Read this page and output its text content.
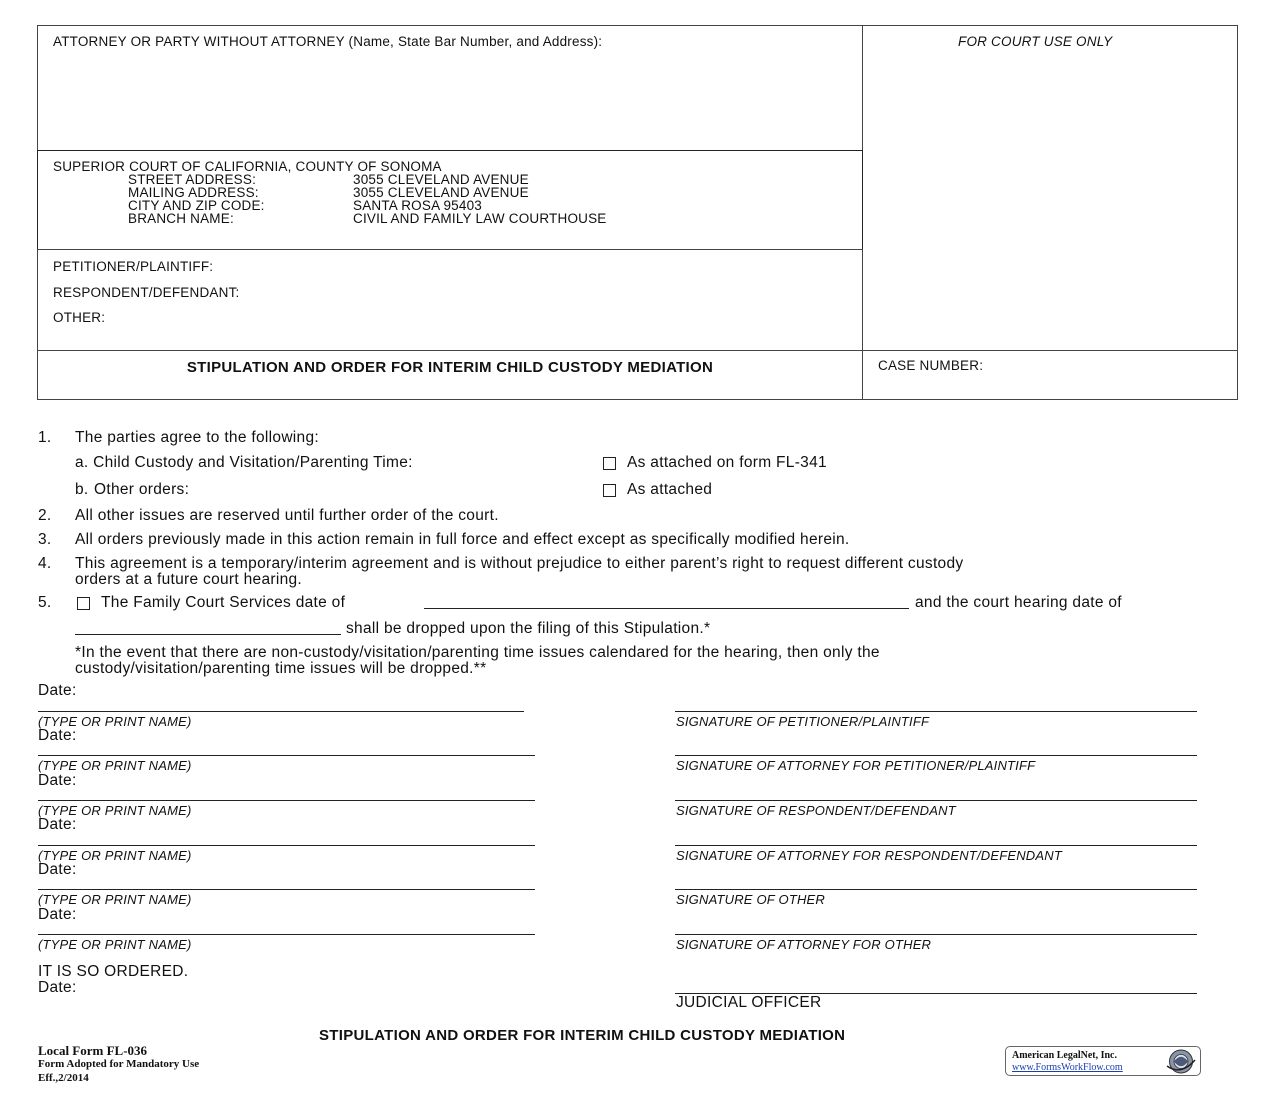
ATTORNEY OR PARTY WITHOUT ATTORNEY (Name, State Bar Number, and Address):	FOR COURT USE ONLY
SUPERIOR COURT OF CALIFORNIA, COUNTY OF SONOMA
STREET ADDRESS:	3055 CLEVELAND AVENUE
MAILING ADDRESS:	3055 CLEVELAND AVENUE
CITY AND ZIP CODE:	SANTA ROSA 95403
BRANCH NAME:	CIVIL AND FAMILY LAW COURTHOUSE
PETITIONER/PLAINTIFF:
RESPONDENT/DEFENDANT:
OTHER:
STIPULATION AND ORDER FOR INTERIM CHILD CUSTODY MEDIATION	CASE NUMBER:
1. The parties agree to the following:
a. Child Custody and Visitation/Parenting Time:	As attached on form FL-341
b. Other orders:	As attached
2. All other issues are reserved until further order of the court.
3. All orders previously made in this action remain in full force and effect except as specifically modified herein.
4. This agreement is a temporary/interim agreement and is without prejudice to either parent’s right to request different custody
orders at a future court hearing.
5.	The Family Court Services date of	and the court hearing date of
shall be dropped upon the filing of this Stipulation.*
*In the event that there are non-custody/visitation/parenting time issues calendared for the hearing, then only the
custody/visitation/parenting time issues will be dropped.**
Date:
(TYPE OR PRINT NAME)	SIGNATURE OF PETITIONER/PLAINTIFF
Date:
(TYPE OR PRINT NAME)	SIGNATURE OF ATTORNEY FOR PETITIONER/PLAINTIFF
Date:
(TYPE OR PRINT NAME)	SIGNATURE OF RESPONDENT/DEFENDANT
Date:
(TYPE OR PRINT NAME)	SIGNATURE OF ATTORNEY FOR RESPONDENT/DEFENDANT
Date:
(TYPE OR PRINT NAME)	SIGNATURE OF OTHER
Date:
(TYPE OR PRINT NAME)	SIGNATURE OF ATTORNEY FOR OTHER
IT IS SO ORDERED.
Date:
JUDICIAL OFFICER
STIPULATION AND ORDER FOR INTERIM CHILD CUSTODY MEDIATION
Local Form FL-036
Form Adopted for Mandatory Use
Eff.,2/2014
American LegalNet, Inc.
www.FormsWorkFlow.com
